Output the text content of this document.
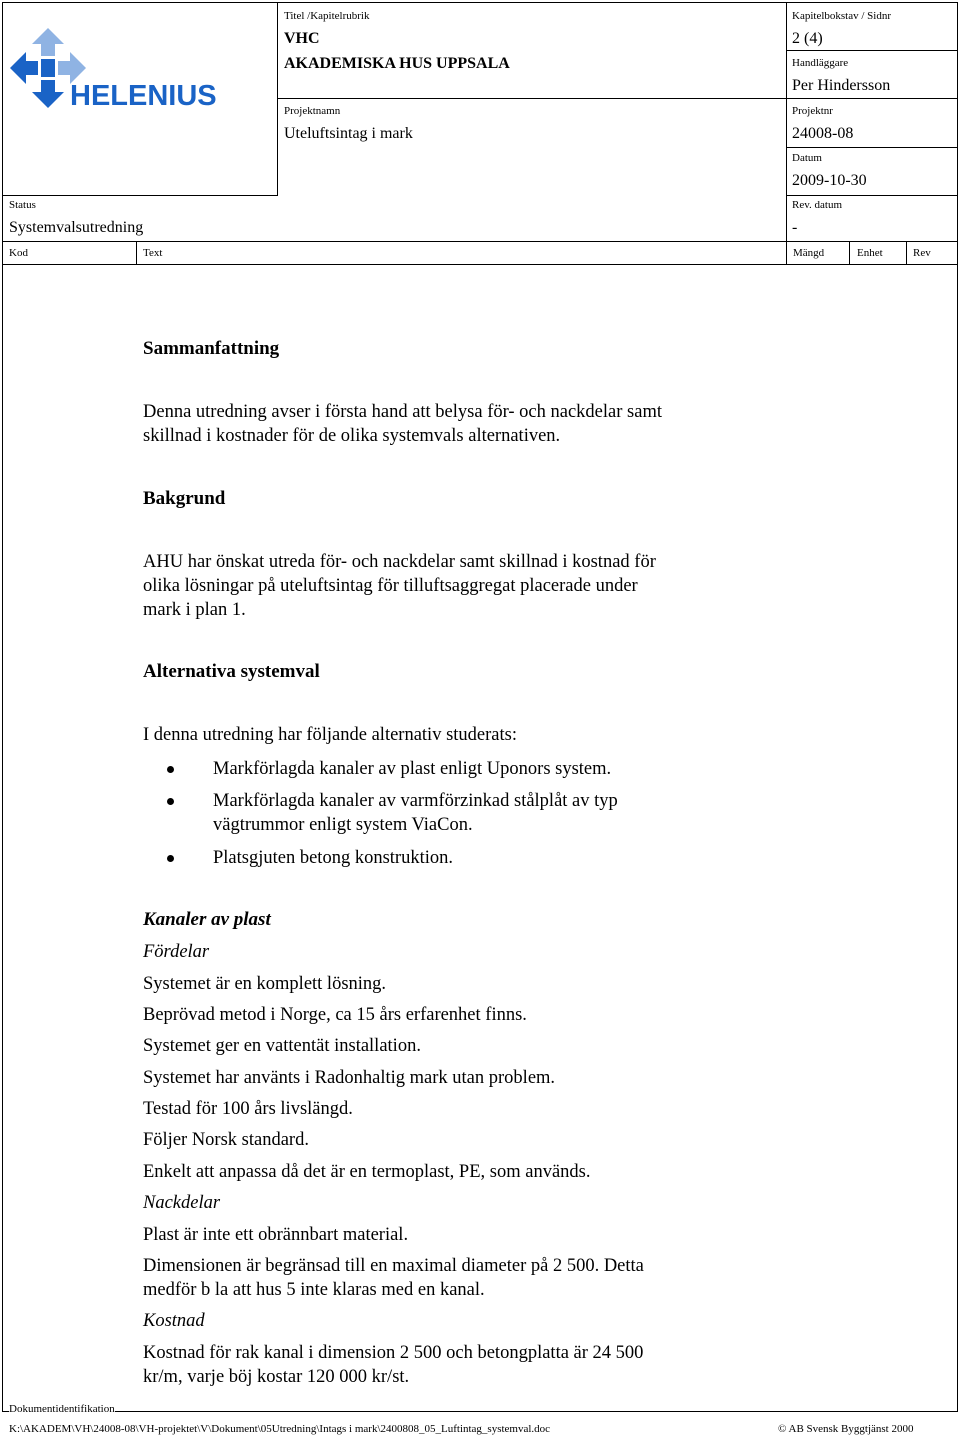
HELENIUS
Titel /Kapitelrubrik
VHC
AKADEMISKA HUS UPPSALA
Projektnamn
Uteluftsintag i mark
Kapitelbokstav / Sidnr
2 (4)
Handläggare
Per Hindersson
Projektnr
24008-08
Datum
2009-10-30
Rev. datum
-
Status
Systemvalsutredning
Kod	Text	Mängd	Enhet	Rev
Sammanfattning
Denna utredning avser i första hand att belysa för- och nackdelar samt
skillnad i kostnader för de olika systemvals alternativen.
Bakgrund
AHU har önskat utreda för- och nackdelar samt skillnad i kostnad för
olika lösningar på uteluftsintag för tilluftsaggregat placerade under
mark i plan 1.
Alternativa systemval
I denna utredning har följande alternativ studerats:
Markförlagda kanaler av plast enligt Uponors system.
Markförlagda kanaler av varmförzinkad stålplåt av typ
vägtrummor enligt system ViaCon.
Platsgjuten betong konstruktion.
Kanaler av plast
Fördelar
Systemet är en komplett lösning.
Beprövad metod i Norge, ca 15 års erfarenhet finns.
Systemet ger en vattentät installation.
Systemet har använts i Radonhaltig mark utan problem.
Testad för 100 års livslängd.
Följer Norsk standard.
Enkelt att anpassa då det är en termoplast, PE, som används.
Nackdelar
Plast är inte ett obrännbart material.
Dimensionen är begränsad till en maximal diameter på 2 500. Detta
medför b la att hus 5 inte klaras med en kanal.
Kostnad
Kostnad för rak kanal i dimension 2 500 och betongplatta är 24 500
kr/m, varje böj kostar 120 000 kr/st.
Dokumentidentifikation
K:\AKADEM\VH\24008-08\VH-projektet\V\Dokument\05Utredning\Intags i mark\2400808_05_Luftintag_systemval.doc	© AB Svensk Byggtjänst 2000
